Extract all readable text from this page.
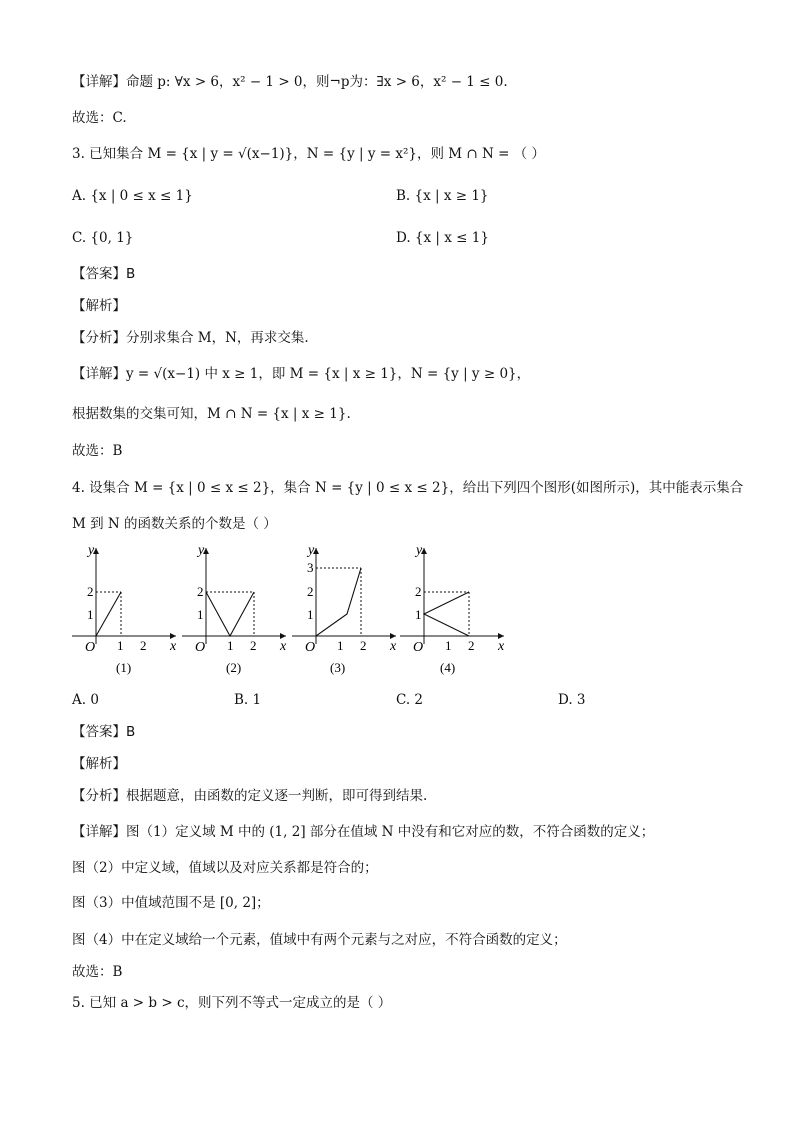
【详解】命题 p: ∀x > 6，x² − 1 > 0，则¬p为：∃x > 6，x² − 1 ≤ 0.
故选：C.
3. 已知集合 M = {x | y = √(x−1)}，N = {y | y = x²}，则 M ∩ N = （ ）
A. {x | 0 ≤ x ≤ 1}	B. {x | x ≥ 1}
C. {0, 1}	D. {x | x ≤ 1}
【答案】B
【解析】
【分析】分别求集合 M，N，再求交集.
【详解】y = √(x−1) 中 x ≥ 1，即 M = {x | x ≥ 1}，N = {y | y ≥ 0}，
根据数集的交集可知，M ∩ N = {x | x ≥ 1}.
故选：B
4. 设集合 M = {x | 0 ≤ x ≤ 2}，集合 N = {y | 0 ≤ x ≤ 2}，给出下列四个图形(如图所示)，其中能表示集合
M 到 N 的函数关系的个数是（ ）
y
x
O
2
1
1 2
(1)
y
x
O
2
1
1 2
(2)
y
x
O
3
2
1
1 2
(3)
y
x
O
2
1
1 2
(4)
A. 0	B. 1	C. 2	D. 3
【答案】B
【解析】
【分析】根据题意，由函数的定义逐一判断，即可得到结果.
【详解】图（1）定义域 M 中的 (1, 2] 部分在值域 N 中没有和它对应的数，不符合函数的定义；
图（2）中定义域，值域以及对应关系都是符合的；
图（3）中值域范围不是 [0, 2]；
图（4）中在定义域给一个元素，值域中有两个元素与之对应，不符合函数的定义；
故选：B
5. 已知 a > b > c，则下列不等式一定成立的是（ ）
